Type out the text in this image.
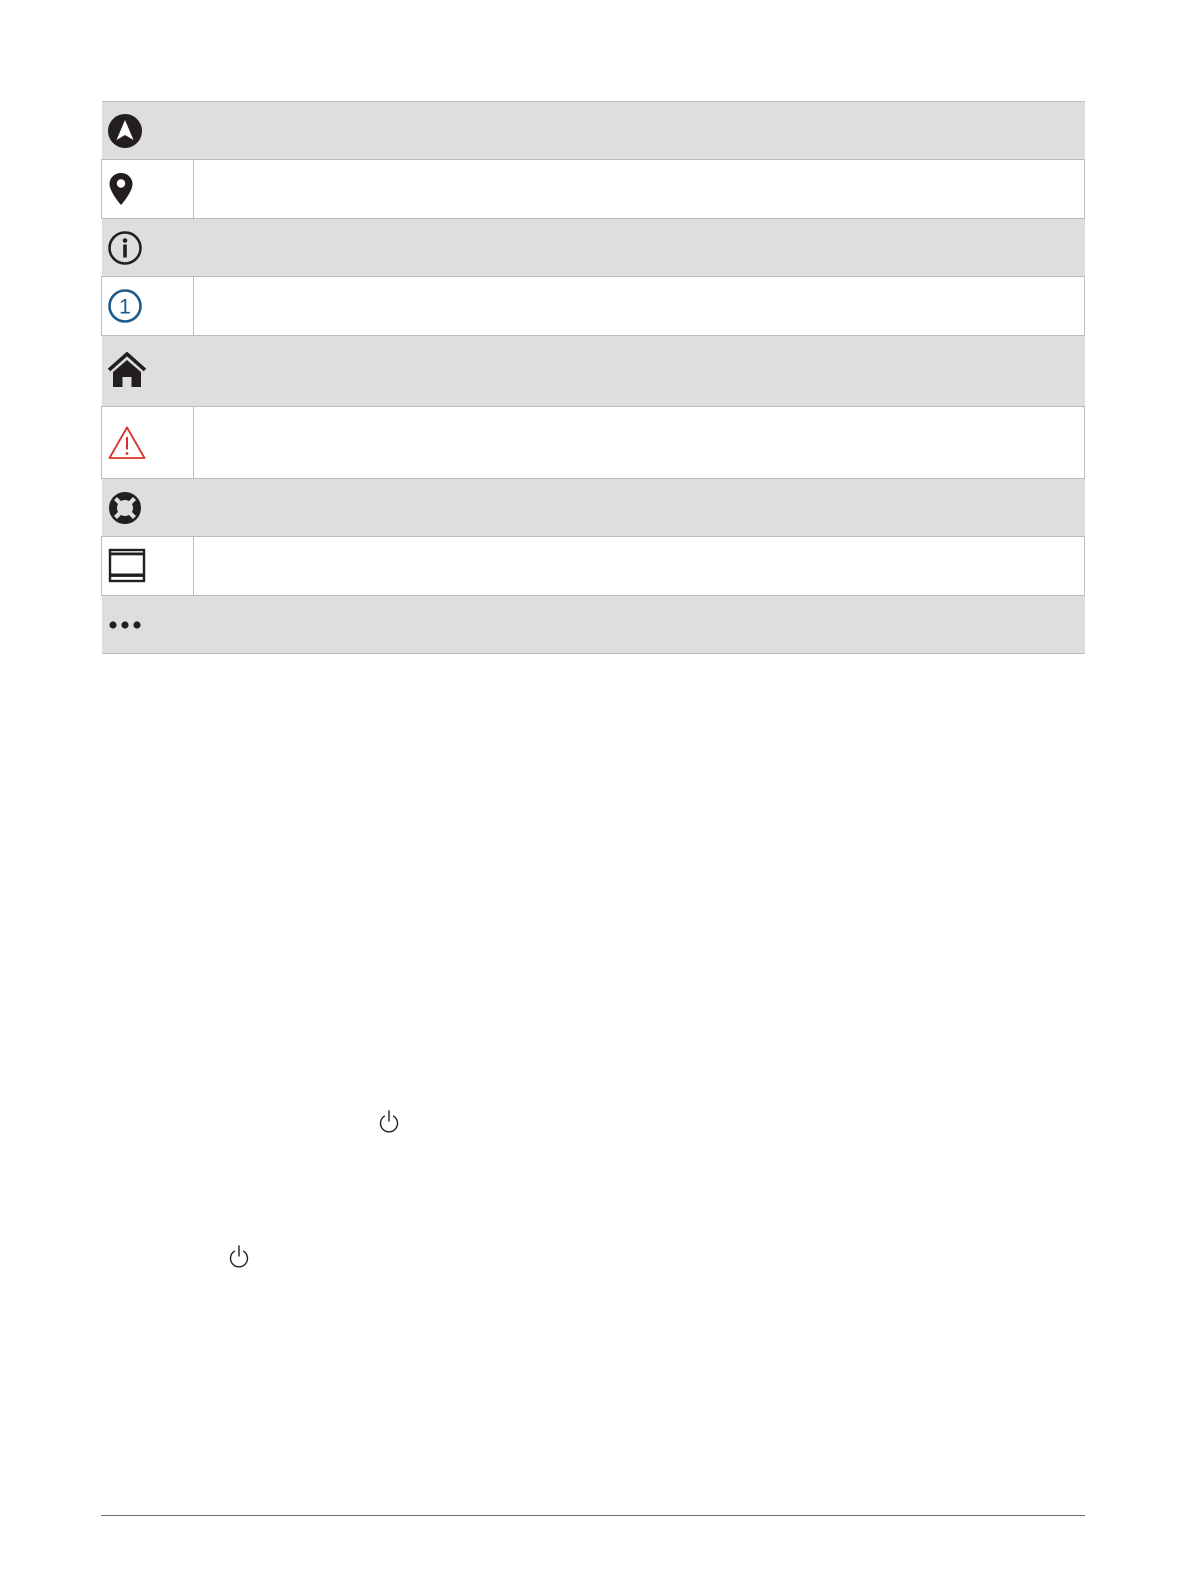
1	
